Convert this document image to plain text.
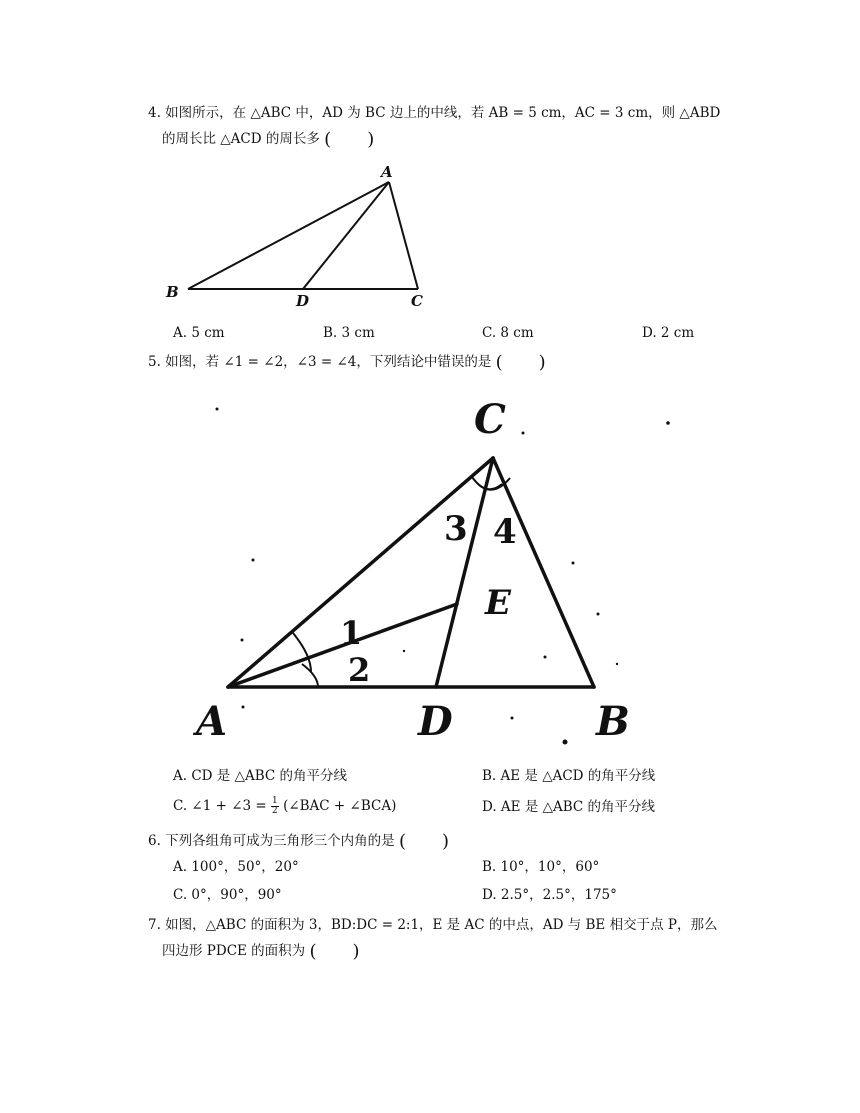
4. 如图所示，在 △ABC 中，AD 为 BC 边上的中线，若 AB = 5 cm，AC = 3 cm，则 △ABD
的周长比 △ACD 的周长多 (　　)
A
B	D	C
A. 5 cm	B. 3 cm	C. 8 cm	D. 2 cm
5. 如图，若 ∠1 = ∠2，∠3 = ∠4，下列结论中错误的是 (　　)
C
A	D	B
E
3 4
1
2
A. CD 是 △ABC 的角平分线	B. AE 是 △ACD 的角平分线
C. ∠1 + ∠3 = $\frac{1}{2}$ (∠BAC + ∠BCA)	D. AE 是 △ABC 的角平分线
6. 下列各组角可成为三角形三个内角的是 (　　)
A. 100°，50°，20°	B. 10°，10°，60°
C. 0°，90°，90°	D. 2.5°，2.5°，175°
7. 如图，△ABC 的面积为 3，BD:DC = 2:1，E 是 AC 的中点，AD 与 BE 相交于点 P，那么
四边形 PDCE 的面积为 (　　)
